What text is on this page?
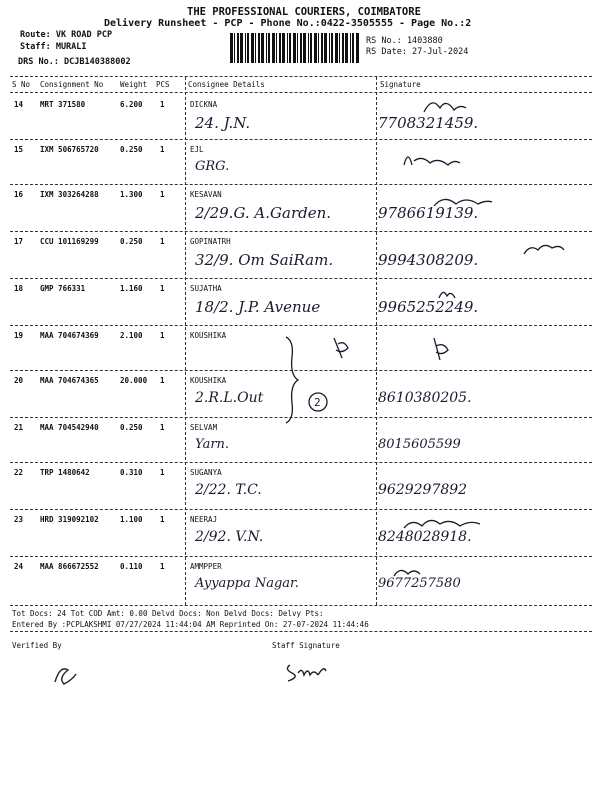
THE PROFESSIONAL COURIERS, COIMBATORE
Delivery Runsheet - PCP - Phone No.:0422-3505555 - Page No.:2
Route: VK ROAD PCP
Staff: MURALI
DRS No.: DCJB140388002
RS No.: 1403880
RS Date: 27-Jul-2024
S No Consignment No Weight PCS Consignee Details	Signature
14 MRT 371580	6.200 1	DICKNA
24. J.N.	7708321459.
15 IXM 506765720	0.250 1	EJL
GRG.
16 IXM 303264288	1.300 1	KESAVAN
2/29.G. A.Garden.	9786619139.
17 CCU 101169299	0.250 1	GOPINATRH
32/9. Om SaiRam.	9994308209.
18 GMP 766331	1.160 1	SUJATHA
18/2. J.P. Avenue	9965252249.
19 MAA 704674369	2.100 1	KOUSHIKA
20 MAA 704674365	20.000 1	KOUSHIKA
2.R.L.Out	8610380205.
21 MAA 704542940	0.250 1	SELVAM
Yarn.	8015605599
22 TRP 1480642	0.310 1	SUGANYA
2/22. T.C.	9629297892
23 HRD 319092102	1.100 1	NEERAJ
2/92. V.N.	8248028918.
24 MAA 866672552	0.110 1	AMMPPER
Ayyappa Nagar.	9677257580
2
Tot Docs: 24 Tot COD Amt: 0.00 Delvd Docs: Non Delvd Docs: Delvy Pts:
Entered By :PCPLAKSHMI 07/27/2024 11:44:04 AM Reprinted On: 27-07-2024 11:44:46
Verified By	Staff Signature
